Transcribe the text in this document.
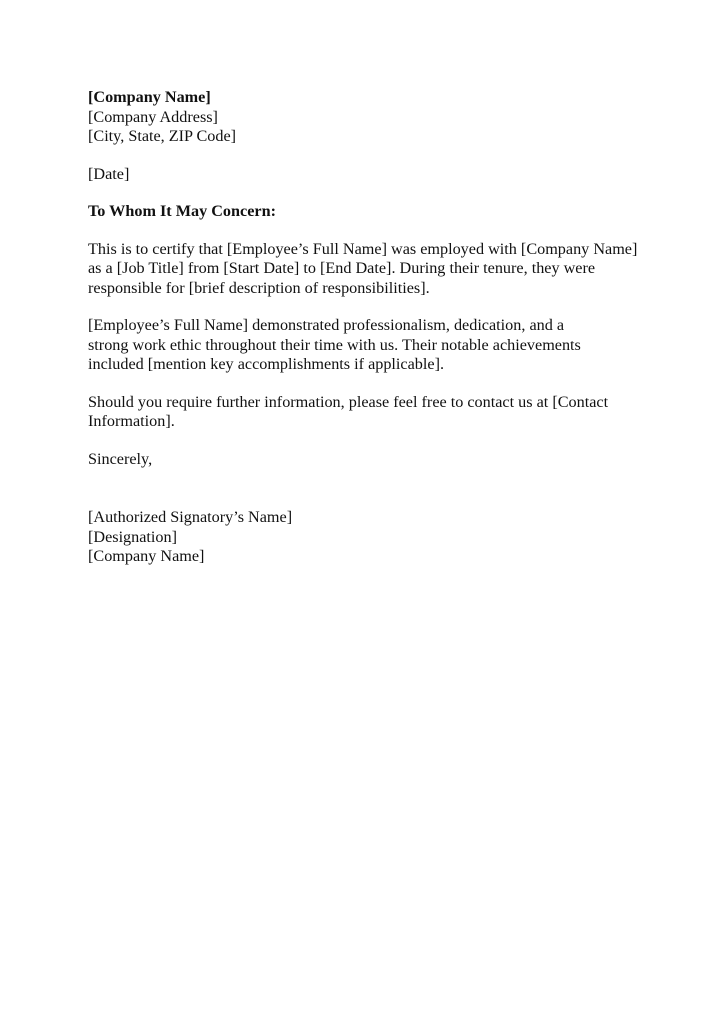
[Company Name]
[Company Address]
[City, State, ZIP Code]
[Date]
To Whom It May Concern:

This is to certify that [Employee’s Full Name] was employed with [Company Name] as a [Job Title] from [Start Date] to [End Date]. During their tenure, they were responsible for [brief description of responsibilities].

[Employee’s Full Name] demonstrated professionalism, dedication, and a strong work ethic throughout their time with us. Their notable achievements included [mention key accomplishments if applicable].

Should you require further information, please feel free to contact us at [Contact Information].

Sincerely,
[Authorized Signatory’s Name]
[Designation]
[Company Name]
